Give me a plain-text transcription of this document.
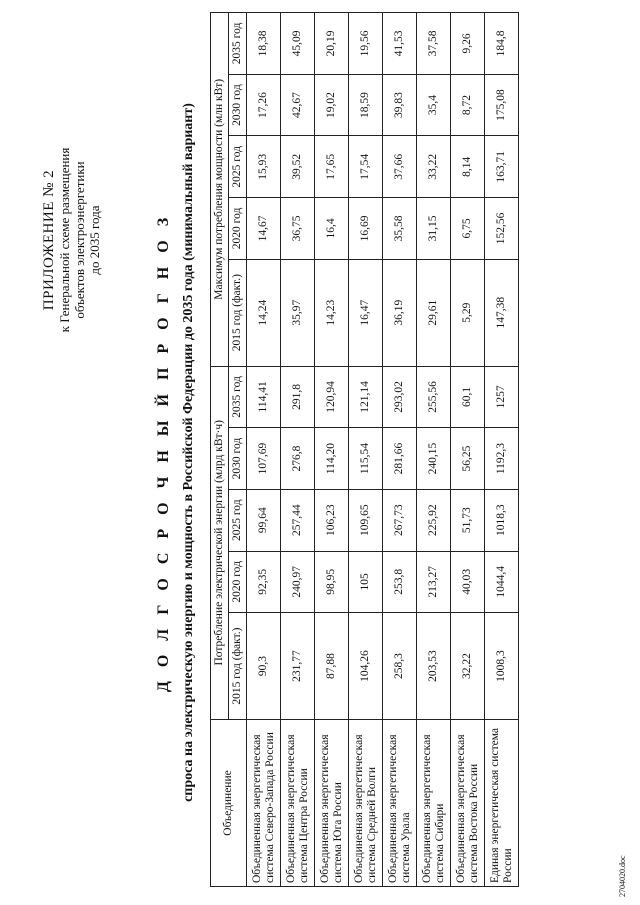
ПРИЛОЖЕНИЕ № 2 к Генеральной схеме размещения объектов электроэнергетики до 2035 года	Д О Л Г О С Р О Ч Н Ы Й П Р О Г Н О З спроса на электрическую энергию и мощность в Российской Федерации до 2035 года (минимальный вариант)
Объединение	Потребление электрической энергии (млрд кВт·ч)					Максимум потребления мощности (млн кВт)				
	2015 год (факт.)	2020 год	2025 год	2030 год	2035 год	2015 год (факт.)	2020 год	2025 год	2030 год	2035 год
Объединенная энергетическая система Северо-Запада России	90,3	92,35	99,64	107,69	114,41	14,24	14,67	15,93	17,26	18,38
Объединенная энергетическая система Центра России	231,77	240,97	257,44	276,8	291,8	35,97	36,75	39,52	42,67	45,09
Объединенная энергетическая система Юга России	87,88	98,95	106,23	114,20	120,94	14,23	16,4	17,65	19,02	20,19
Объединенная энергетическая система Средней Волги	104,26	105	109,65	115,54	121,14	16,47	16,69	17,54	18,59	19,56
Объединенная энергетическая система Урала	258,3	253,8	267,73	281,66	293,02	36,19	35,58	37,66	39,83	41,53
Объединенная энергетическая система Сибири	203,53	213,27	225,92	240,15	255,56	29,61	31,15	33,22	35,4	37,58
Объединенная энергетическая система Востока России	32,22	40,03	51,73	56,25	60,1	5,29	6,75	8,14	8,72	9,26
Единая энергетическая система России	1008,3	1044,4	1018,3	1192,3	1257	147,38	152,56	163,71	175,08	184,8
2704020.doc
